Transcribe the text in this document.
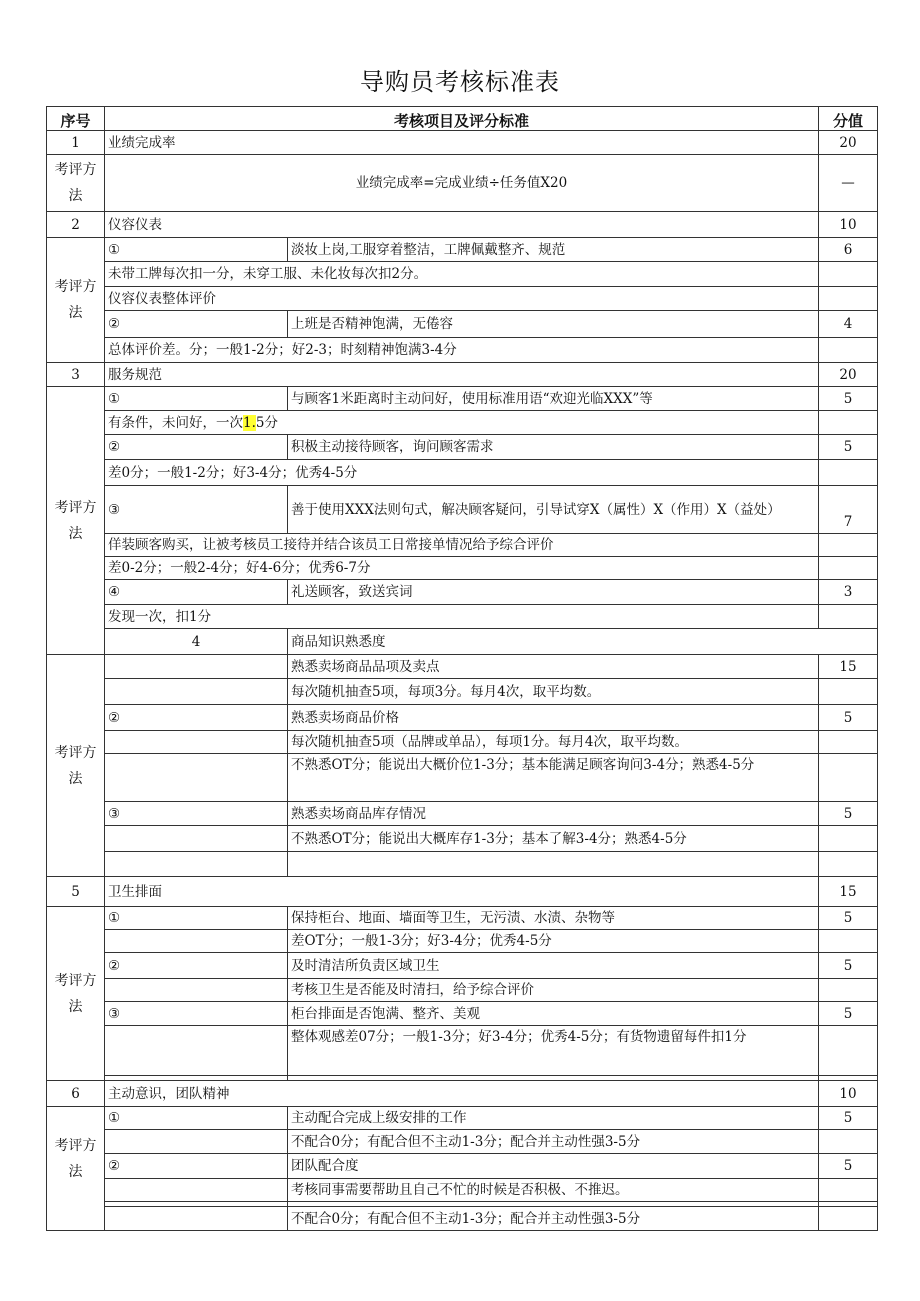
导购员考核标准表
序号	考核项目及评分标准		分值	
1	业绩完成率		20	
考评方法	业绩完成率=完成业绩÷任务值X20		—	
2	仪容仪表		10	
考评方法	①	淡妆上岗,工服穿着整洁，工牌佩戴整齐、规范	6	
	未带工牌每次扣一分，未穿工服、未化妆每次扣2分。			
	仪容仪表整体评价			
	②	上班是否精神饱满，无倦容	4	
	总体评价差。分；一般1-2分；好2-3；时刻精神饱满3-4分			
3	服务规范		20	
考评方法	①	与顾客1米距离时主动问好，使用标准用语“欢迎光临XXX”等	5	
	有条件，未问好，一次1.5分			
	②	积极主动接待顾客，询问顾客需求	5	
	差0分；一般1-2分；好3-4分；优秀4-5分			
	③	善于使用XXX法则句式，解决顾客疑问，引导试穿X（属性）X（作用）X（益处）	7	
	佯装顾客购买，让被考核员工接待并结合该员工日常接单情况给予综合评价			
	差0-2分；一般2-4分；好4-6分；优秀6-7分			
	④	礼送顾客，致送宾词	3	
	发现一次，扣1分			
	4	商品知识熟悉度	
考评方法		熟悉卖场商品品项及卖点	15	
		每次随机抽查5项，每项3分。每月4次，取平均数。		
	②	熟悉卖场商品价格	5	
		每次随机抽查5项（品牌或单品），每项1分。每月4次，取平均数。		
		不熟悉OT分；能说出大概价位1-3分；基本能满足顾客询问3-4分；熟悉4-5分		
	③	熟悉卖场商品库存情况	5	
		不熟悉OT分；能说出大概库存1-3分；基本了解3-4分；熟悉4-5分		

5	卫生排面		15	
考评方法	①	保持柜台、地面、墙面等卫生，无污渍、水渍、杂物等	5	
		差OT分；一般1-3分；好3-4分；优秀4-5分		
	②	及时清洁所负责区域卫生	5	
		考核卫生是否能及时清扫，给予综合评价		
	③	柜台排面是否饱满、整齐、美观	5	
		整体观感差07分；一般1-3分；好3-4分；优秀4-5分；有货物遗留每件扣1分		

6	主动意识，团队精神		10	
考评方法	①	主动配合完成上级安排的工作	5	
		不配合0分；有配合但不主动1-3分；配合并主动性强3-5分		
	②	团队配合度	5	
		考核同事需要帮助且自己不忙的时候是否积极、不推迟。		

		不配合0分；有配合但不主动1-3分；配合并主动性强3-5分		
